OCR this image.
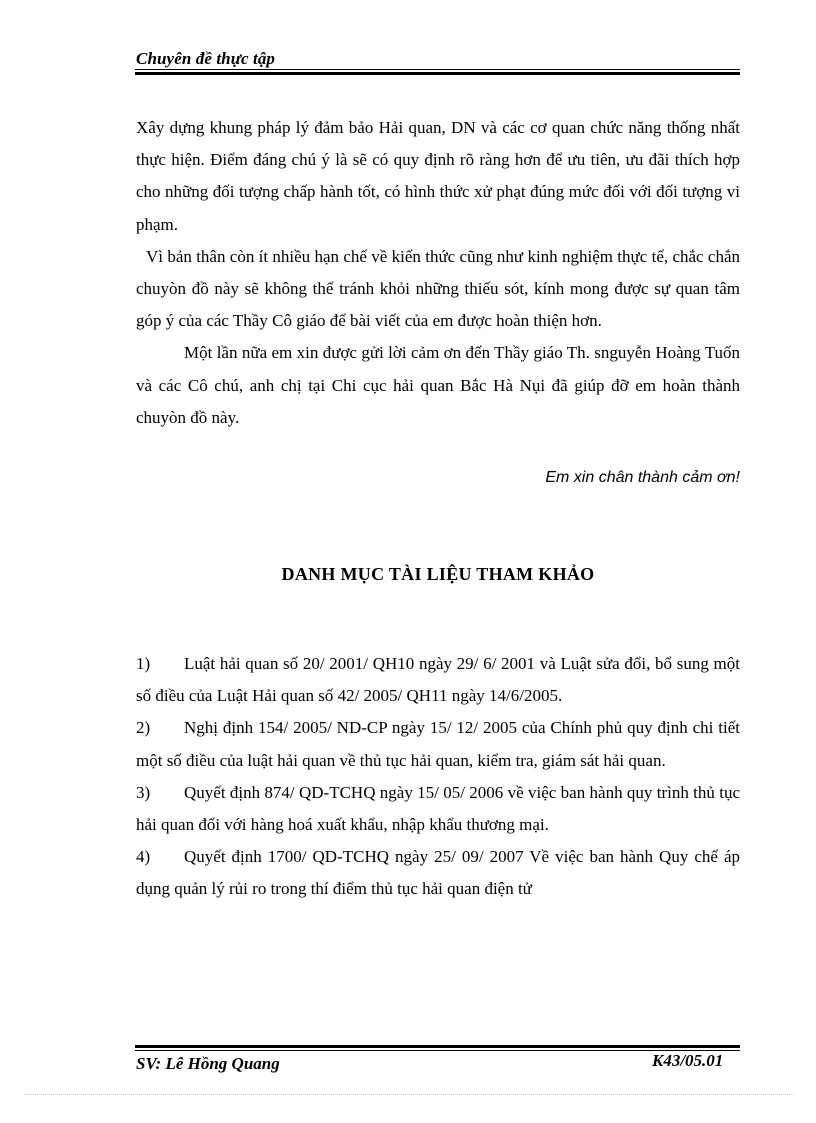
Chuyên đề thực tập

Xây dựng khung pháp lý đảm bảo Hải quan, DN và các cơ quan chức năng thống nhất thực hiện. Điểm đáng chú ý là sẽ có quy định rõ ràng hơn để ưu tiên, ưu đãi thích hợp cho những đối tượng chấp hành tốt, có hình thức xử phạt đúng mức đối với đối tượng vi phạm.

Vì bản thân còn ít nhiều hạn chế về kiến thức cũng như kinh nghiệm thực tế, chắc chắn chuyòn đồ này sẽ không thể tránh khỏi những thiếu sót, kính mong được sự quan tâm góp ý của các Thầy Cô giáo để bài viết của em được hoàn thiện hơn.

Một lần nữa em xin được gửi lời cảm ơn đến Thầy giáo Th. snguyễn Hoàng Tuốn và các Cô chú, anh chị tại Chi cục hải quan Bắc Hà Nụi đã giúp đỡ em hoàn thành chuyòn đồ này.

Em xin chân thành cảm ơn!
DANH MỤC TÀI LIỆU THAM KHẢO

1) Luật hải quan số 20/ 2001/ QH10 ngày 29/ 6/ 2001 và Luật sửa đổi, bổ sung một số điều của Luật Hải quan số 42/ 2005/ QH11 ngày 14/6/2005.

2) Nghị định 154/ 2005/ ND-CP ngày 15/ 12/ 2005 của Chính phủ quy định chi tiết một số điều của luật hải quan về thủ tục hải quan, kiểm tra, giám sát hải quan.

3) Quyết định 874/ QD-TCHQ ngày 15/ 05/ 2006 về việc ban hành quy trình thủ tục hải quan đối với hàng hoá xuất khẩu, nhập khẩu thương mại.

4) Quyết định 1700/ QD-TCHQ ngày 25/ 09/ 2007 Về việc ban hành Quy chế áp dụng quản lý rủi ro trong thí điểm thủ tục hải quan điện tử

SV: Lê Hồng Quang	K43/05.01
